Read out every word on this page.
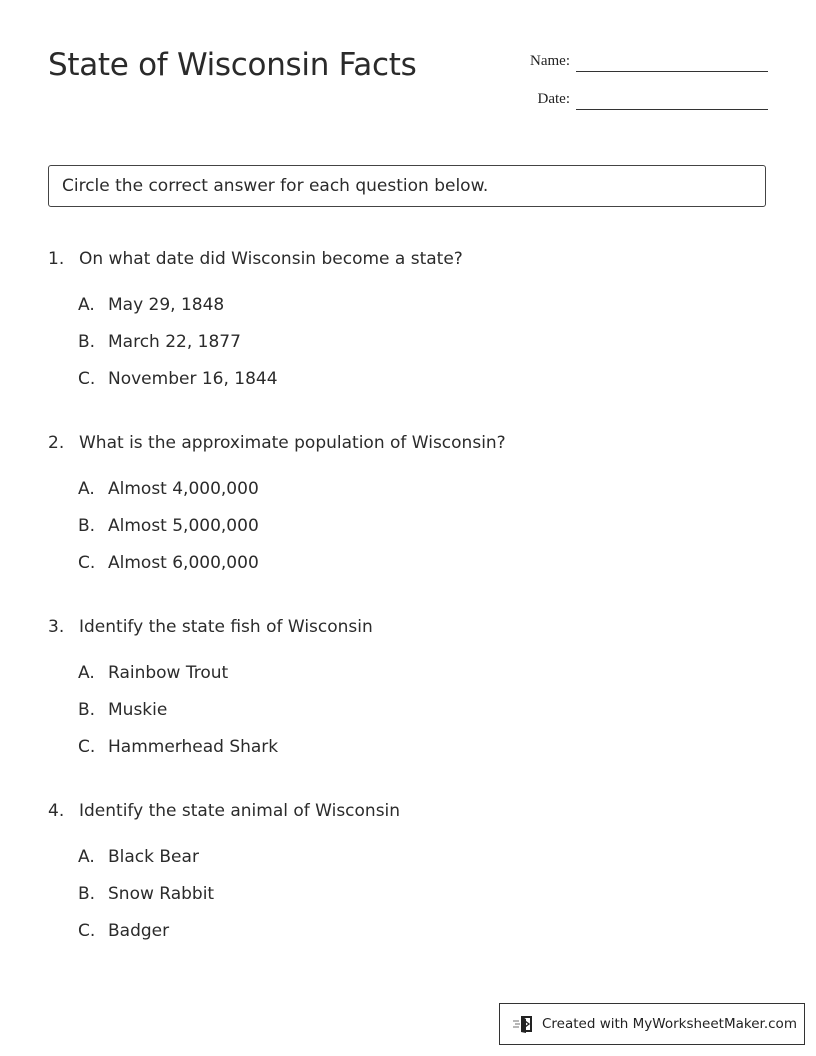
State of Wisconsin Facts	Name:
Date:
Circle the correct answer for each question below.
1. On what date did Wisconsin become a state?
A. May 29, 1848
B. March 22, 1877
C. November 16, 1844
2. What is the approximate population of Wisconsin?
A. Almost 4,000,000
B. Almost 5,000,000
C. Almost 6,000,000
3. Identify the state fish of Wisconsin
A. Rainbow Trout
B. Muskie
C. Hammerhead Shark
4. Identify the state animal of Wisconsin
A. Black Bear
B. Snow Rabbit
C. Badger
Created with MyWorksheetMaker.com
